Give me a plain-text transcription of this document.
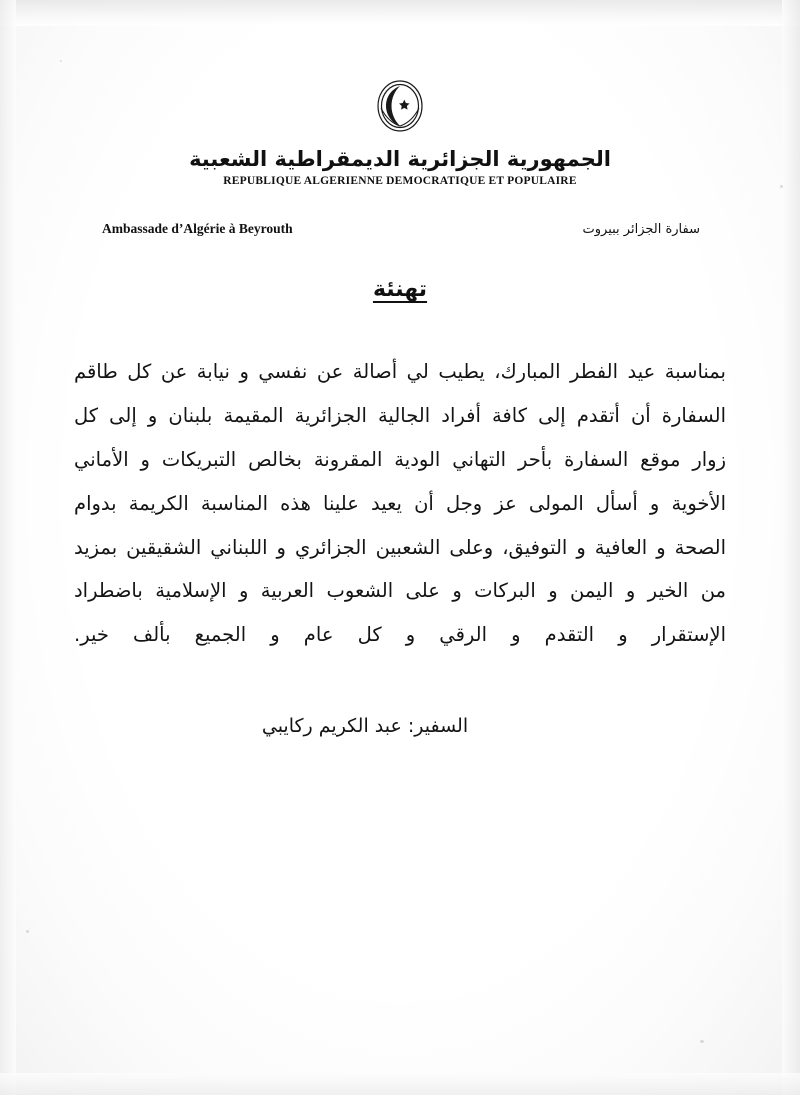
الجمهورية الجزائرية الديمقراطية الشعبية
REPUBLIQUE ALGERIENNE DEMOCRATIQUE ET POPULAIRE
Ambassade d’Algérie à Beyrouth	سفارة الجزائر ببيروت
تهنئة
بمناسبة عيد الفطر المبارك، يطيب لي أصالة عن نفسي و نيابة عن كل طاقم السفارة أن أتقدم إلى كافة أفراد الجالية الجزائرية المقيمة بلبنان و إلى كل زوار موقع السفارة بأحر التهاني الودية المقرونة بخالص التبريكات و الأماني الأخوية و أسأل المولى عز وجل أن يعيد علينا هذه المناسبة الكريمة بدوام الصحة و العافية و التوفيق، وعلى الشعبين الجزائري و اللبناني الشقيقين بمزيد من الخير و اليمن و البركات و على الشعوب العربية و الإسلامية باضطراد الإستقرار و التقدم و الرقي و كل عام و الجميع بألف خير.
السفير: عبد الكريم ركايبي
